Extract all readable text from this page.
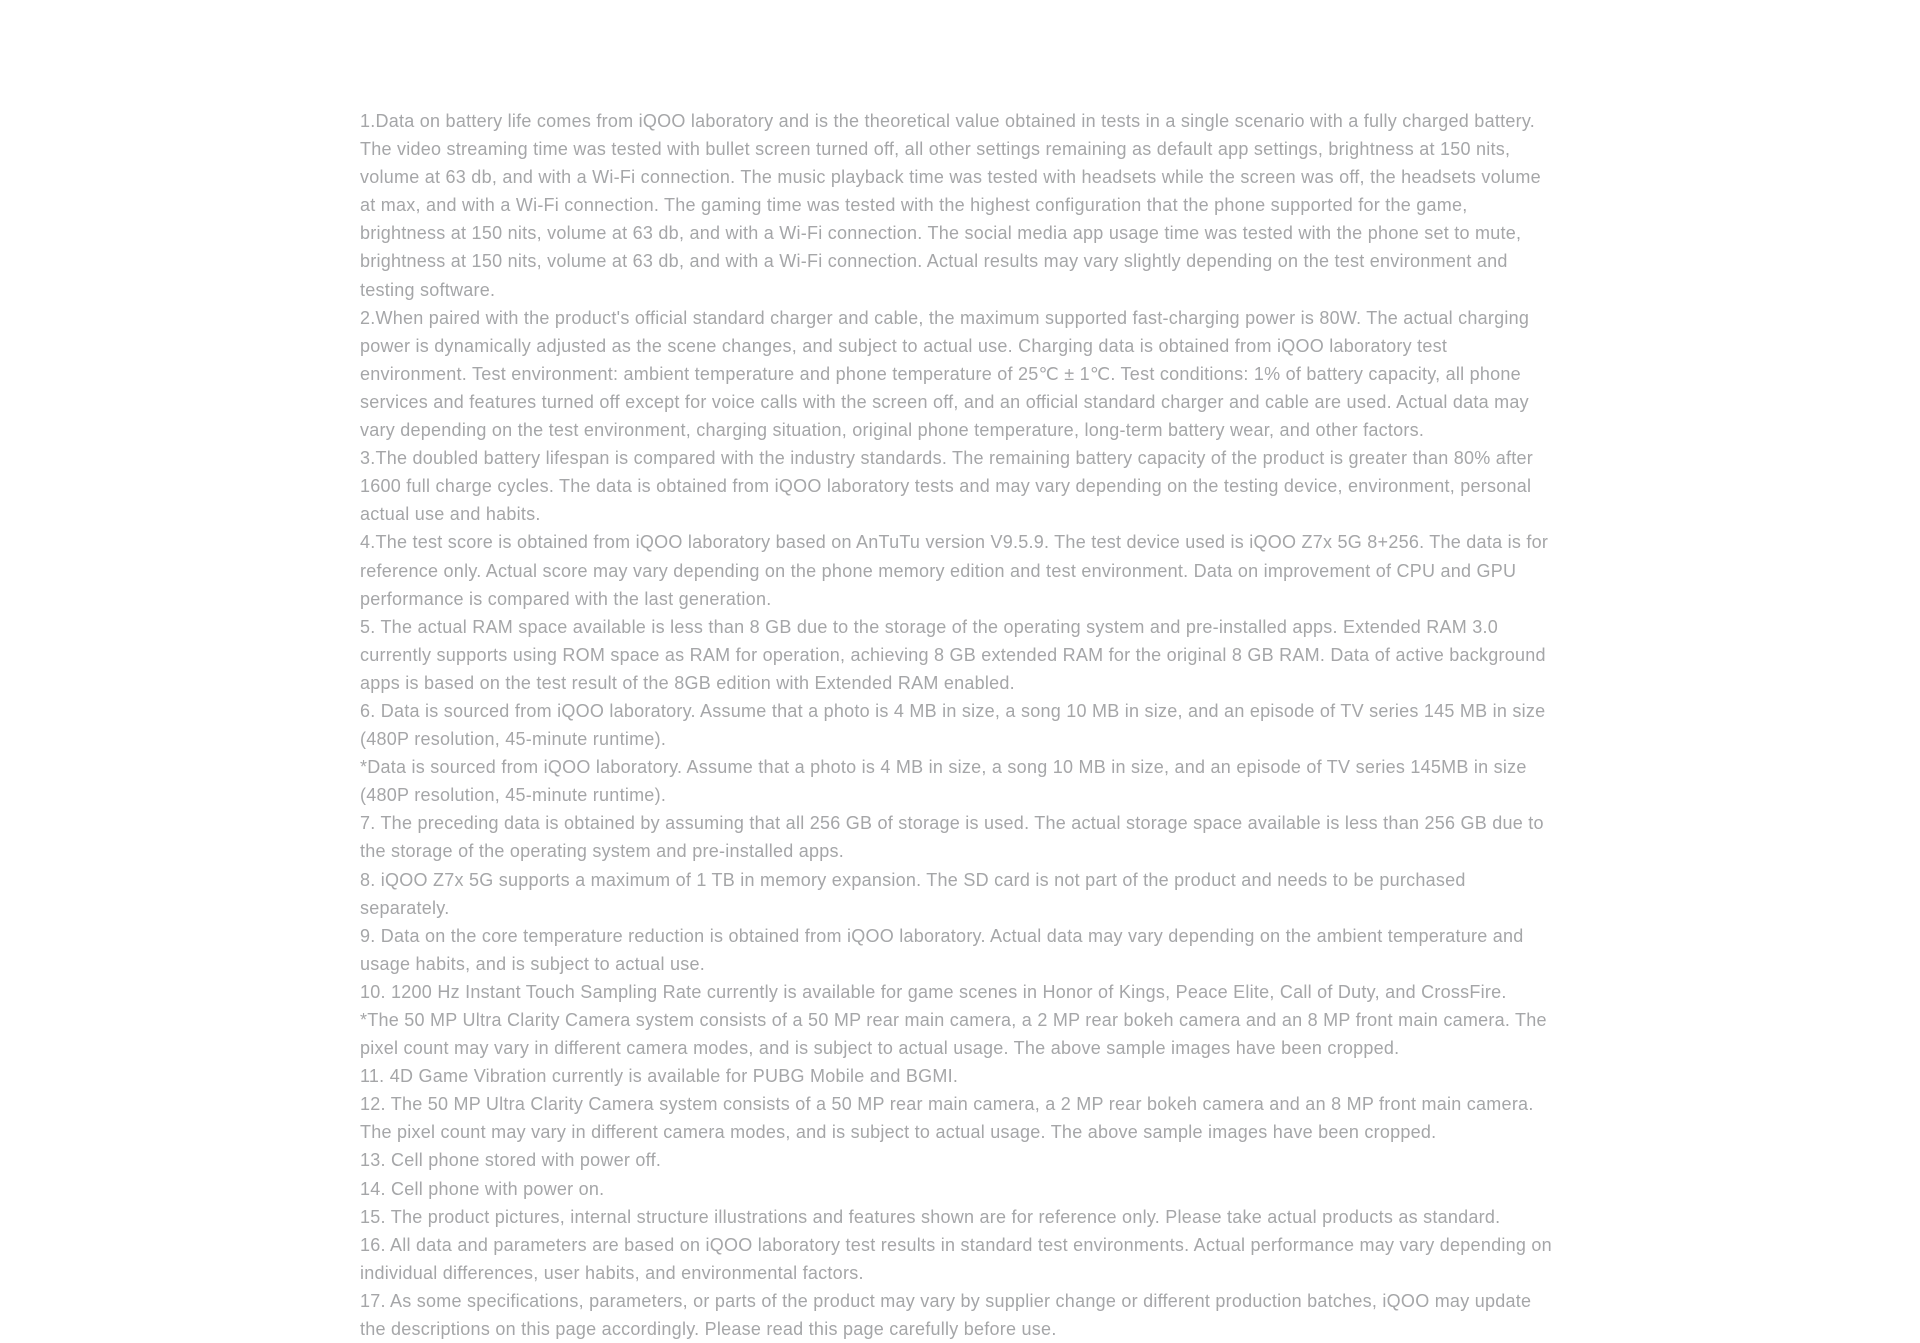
1.Data on battery life comes from iQOO laboratory and is the theoretical value obtained in tests in a single scenario with a fully charged battery. The video streaming time was tested with bullet screen turned off, all other settings remaining as default app settings, brightness at 150 nits, volume at 63 db, and with a Wi-Fi connection. The music playback time was tested with headsets while the screen was off, the headsets volume at max, and with a Wi-Fi connection. The gaming time was tested with the highest configuration that the phone supported for the game, brightness at 150 nits, volume at 63 db, and with a Wi-Fi connection. The social media app usage time was tested with the phone set to mute, brightness at 150 nits, volume at 63 db, and with a Wi-Fi connection. Actual results may vary slightly depending on the test environment and testing software.

2.When paired with the product's official standard charger and cable, the maximum supported fast-charging power is 80W. The actual charging power is dynamically adjusted as the scene changes, and subject to actual use. Charging data is obtained from iQOO laboratory test environment. Test environment: ambient temperature and phone temperature of 25℃ ± 1℃. Test conditions: 1% of battery capacity, all phone services and features turned off except for voice calls with the screen off, and an official standard charger and cable are used. Actual data may vary depending on the test environment, charging situation, original phone temperature, long-term battery wear, and other factors.

3.The doubled battery lifespan is compared with the industry standards. The remaining battery capacity of the product is greater than 80% after 1600 full charge cycles. The data is obtained from iQOO laboratory tests and may vary depending on the testing device, environment, personal actual use and habits.

4.The test score is obtained from iQOO laboratory based on AnTuTu version V9.5.9. The test device used is iQOO Z7x 5G 8+256. The data is for reference only. Actual score may vary depending on the phone memory edition and test environment. Data on improvement of CPU and GPU performance is compared with the last generation.

5. The actual RAM space available is less than 8 GB due to the storage of the operating system and pre-installed apps. Extended RAM 3.0 currently supports using ROM space as RAM for operation, achieving 8 GB extended RAM for the original 8 GB RAM. Data of active background apps is based on the test result of the 8GB edition with Extended RAM enabled.

6. Data is sourced from iQOO laboratory. Assume that a photo is 4 MB in size, a song 10 MB in size, and an episode of TV series 145 MB in size (480P resolution, 45-minute runtime).

*Data is sourced from iQOO laboratory. Assume that a photo is 4 MB in size, a song 10 MB in size, and an episode of TV series 145MB in size (480P resolution, 45-minute runtime).

7. The preceding data is obtained by assuming that all 256 GB of storage is used. The actual storage space available is less than 256 GB due to the storage of the operating system and pre-installed apps.

8. iQOO Z7x 5G supports a maximum of 1 TB in memory expansion. The SD card is not part of the product and needs to be purchased separately.

9. Data on the core temperature reduction is obtained from iQOO laboratory. Actual data may vary depending on the ambient temperature and usage habits, and is subject to actual use.

10. 1200 Hz Instant Touch Sampling Rate currently is available for game scenes in Honor of Kings, Peace Elite, Call of Duty, and CrossFire.

*The 50 MP Ultra Clarity Camera system consists of a 50 MP rear main camera, a 2 MP rear bokeh camera and an 8 MP front main camera. The pixel count may vary in different camera modes, and is subject to actual usage. The above sample images have been cropped.

11. 4D Game Vibration currently is available for PUBG Mobile and BGMI.

12. The 50 MP Ultra Clarity Camera system consists of a 50 MP rear main camera, a 2 MP rear bokeh camera and an 8 MP front main camera. The pixel count may vary in different camera modes, and is subject to actual usage. The above sample images have been cropped.

13. Cell phone stored with power off.

14. Cell phone with power on.

15. The product pictures, internal structure illustrations and features shown are for reference only. Please take actual products as standard.

16. All data and parameters are based on iQOO laboratory test results in standard test environments. Actual performance may vary depending on individual differences, user habits, and environmental factors.

17. As some specifications, parameters, or parts of the product may vary by supplier change or different production batches, iQOO may update the descriptions on this page accordingly. Please read this page carefully before use.
